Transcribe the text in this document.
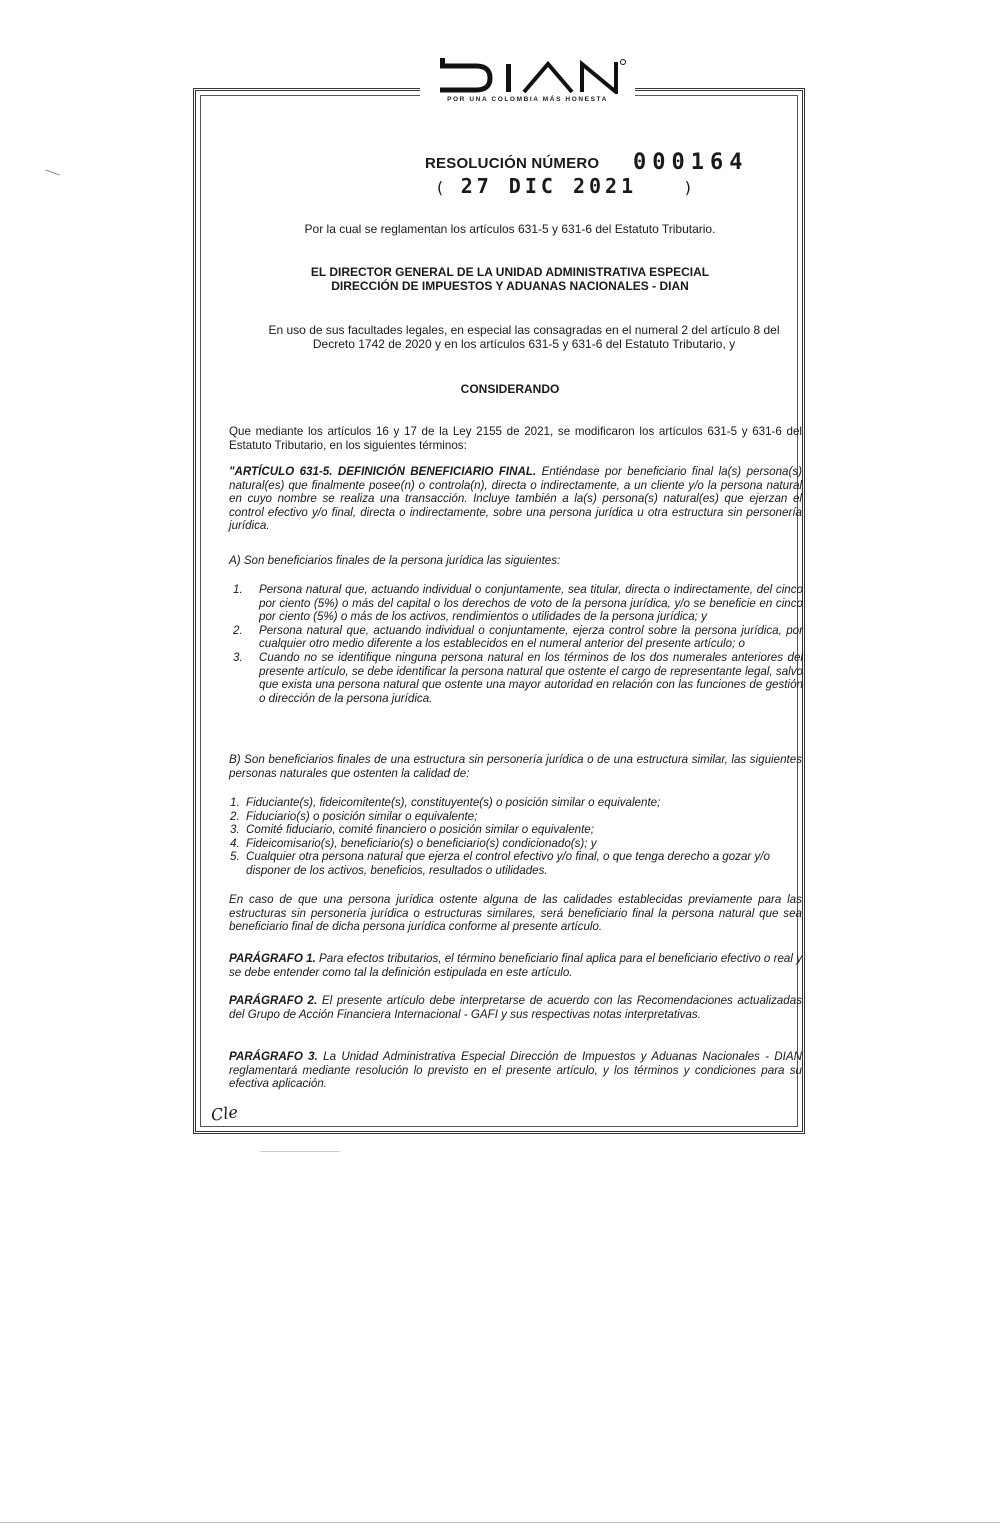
POR UNA COLOMBIA MÁS HONESTA
RESOLUCIÓN NÚMERO 000164
( 27 DIC 2021	)
Por la cual se reglamentan los artículos 631-5 y 631-6 del Estatuto Tributario.
EL DIRECTOR GENERAL DE LA UNIDAD ADMINISTRATIVA ESPECIAL
DIRECCIÓN DE IMPUESTOS Y ADUANAS NACIONALES - DIAN
En uso de sus facultades legales, en especial las consagradas en el numeral 2 del artículo 8 del Decreto 1742 de 2020 y en los artículos 631-5 y 631-6 del Estatuto Tributario, y
CONSIDERANDO
Que mediante los artículos 16 y 17 de la Ley 2155 de 2021, se modificaron los artículos 631-5 y 631-6 del Estatuto Tributario, en los siguientes términos:
"ARTÍCULO 631-5. DEFINICIÓN BENEFICIARIO FINAL. Entiéndase por beneficiario final la(s) persona(s) natural(es) que finalmente posee(n) o controla(n), directa o indirectamente, a un cliente y/o la persona natural en cuyo nombre se realiza una transacción. Incluye también a la(s) persona(s) natural(es) que ejerzan el control efectivo y/o final, directa o indirectamente, sobre una persona jurídica u otra estructura sin personería jurídica.
A) Son beneficiarios finales de la persona jurídica las siguientes:
1.	Persona natural que, actuando individual o conjuntamente, sea titular, directa o indirectamente, del cinco por ciento (5%) o más del capital o los derechos de voto de la persona jurídica, y/o se beneficie en cinco por ciento (5%) o más de los activos, rendimientos o utilidades de la persona jurídica; y
2.	Persona natural que, actuando individual o conjuntamente, ejerza control sobre la persona jurídica, por cualquier otro medio diferente a los establecidos en el numeral anterior del presente artículo; o
3.	Cuando no se identifique ninguna persona natural en los términos de los dos numerales anteriores del presente artículo, se debe identificar la persona natural que ostente el cargo de representante legal, salvo que exista una persona natural que ostente una mayor autoridad en relación con las funciones de gestión o dirección de la persona jurídica.
B) Son beneficiarios finales de una estructura sin personería jurídica o de una estructura similar, las siguientes personas naturales que ostenten la calidad de:
1. Fiduciante(s), fideicomitente(s), constituyente(s) o posición similar o equivalente;
2. Fiduciario(s) o posición similar o equivalente;
3. Comité fiduciario, comité financiero o posición similar o equivalente;
4. Fideicomisario(s), beneficiario(s) o beneficiario(s) condicionado(s); y
5. Cualquier otra persona natural que ejerza el control efectivo y/o final, o que tenga derecho a gozar y/o disponer de los activos, beneficios, resultados o utilidades.
En caso de que una persona jurídica ostente alguna de las calidades establecidas previamente para las estructuras sin personería jurídica o estructuras similares, será beneficiario final la persona natural que sea beneficiario final de dicha persona jurídica conforme al presente artículo.
PARÁGRAFO 1. Para efectos tributarios, el término beneficiario final aplica para el beneficiario efectivo o real y se debe entender como tal la definición estipulada en este artículo.
PARÁGRAFO 2. El presente artículo debe interpretarse de acuerdo con las Recomendaciones actualizadas del Grupo de Acción Financiera Internacional - GAFI y sus respectivas notas interpretativas.
PARÁGRAFO 3. La Unidad Administrativa Especial Dirección de Impuestos y Aduanas Nacionales - DIAN reglamentará mediante resolución lo previsto en el presente artículo, y los términos y condiciones para su efectiva aplicación.
Cle
